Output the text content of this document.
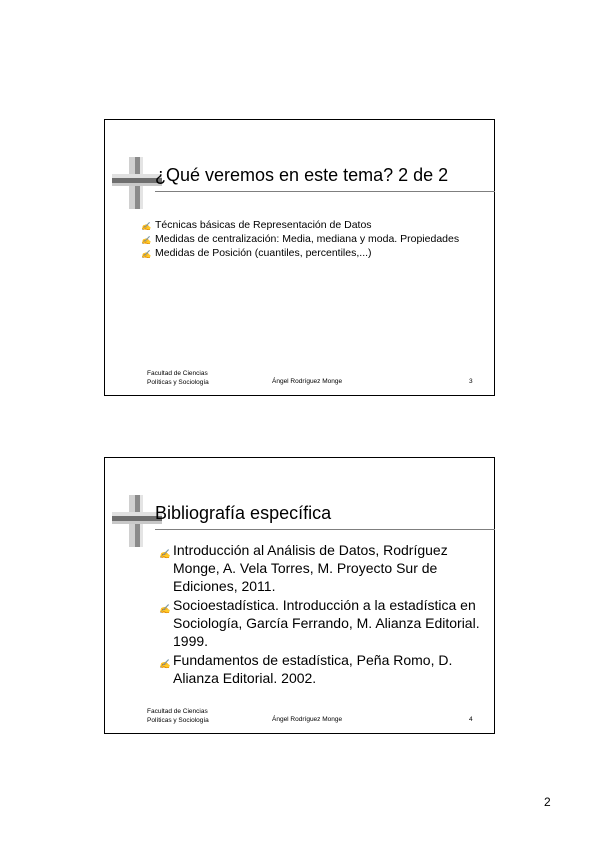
¿Qué veremos en este tema? 2 de 2
✍ Técnicas básicas de Representación de Datos
✍ Medidas de centralización: Media, mediana y moda. Propiedades
✍ Medidas de Posición (cuantiles, percentiles,...)
Facultad de Ciencias
Políticas y Sociología	Ángel Rodríguez Monge	3
Bibliografía específica
✍ Introducción al Análisis de Datos, Rodríguez Monge, A. Vela Torres, M. Proyecto Sur de Ediciones, 2011.
✍ Socioestadística. Introducción a la estadística en Sociología, García Ferrando, M. Alianza Editorial. 1999.
✍ Fundamentos de estadística, Peña Romo, D. Alianza Editorial. 2002.
Facultad de Ciencias
Políticas y Sociología	Ángel Rodríguez Monge	4
2
